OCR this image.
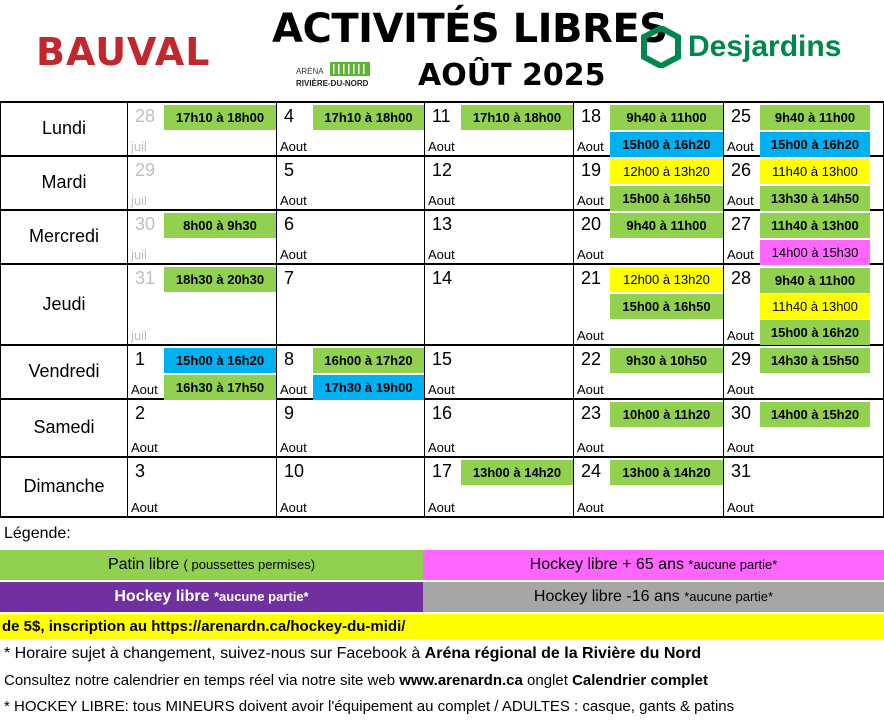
BAUVAL ACTIVITÉS LIBRES
AOÛT 2025
ARÉNA
RIVIÈRE-DU-NORD
Desjardins
Lundi
Mardi
Mercredi
Jeudi
Vendredi
Samedi
Dimanche
28
juil
17h10 à 18h00
29
juil
30
juil
8h00 à 9h30
31
juil
18h30 à 20h30
1
Aout
15h00 à 16h20
16h30 à 17h50
2
Aout
3
Aout
4
Aout
17h10 à 18h00
5
Aout
6
Aout
7
8
Aout
16h00 à 17h20
17h30 à 19h00
9
Aout
10
Aout
11
Aout
17h10 à 18h00
12
Aout
13
Aout
14
15
Aout
16
Aout
17
Aout
13h00 à 14h20
18
Aout
9h40 à 11h00
15h00 à 16h20
19
Aout
12h00 à 13h20
15h00 à 16h50
20
Aout
9h40 à 11h00
21
Aout
12h00 à 13h20
15h00 à 16h50
22
Aout
9h30 à 10h50
23
Aout
10h00 à 11h20
24
Aout
13h00 à 14h20
25
Aout
9h40 à 11h00
15h00 à 16h20
26
Aout
11h40 à 13h00
13h30 à 14h50
27
Aout
11h40 à 13h00
14h00 à 15h30
28
Aout
9h40 à 11h00
11h40 à 13h00
15h00 à 16h20
29
Aout
14h30 à 15h50
30
Aout
14h00 à 15h20
31
Aout
Légende:
Patin libre ( poussettes permises)	Hockey libre + 65 ans *aucune partie*
Hockey libre *aucune partie*	Hockey libre -16 ans *aucune partie*
de 5$, inscription au https://arenardn.ca/hockey-du-midi/
* Horaire sujet à changement, suivez-nous sur Facebook à Aréna régional de la Rivière du Nord
Consultez notre calendrier en temps réel via notre site web www.arenardn.ca onglet Calendrier complet
* HOCKEY LIBRE: tous MINEURS doivent avoir l'équipement au complet / ADULTES : casque, gants & patins
